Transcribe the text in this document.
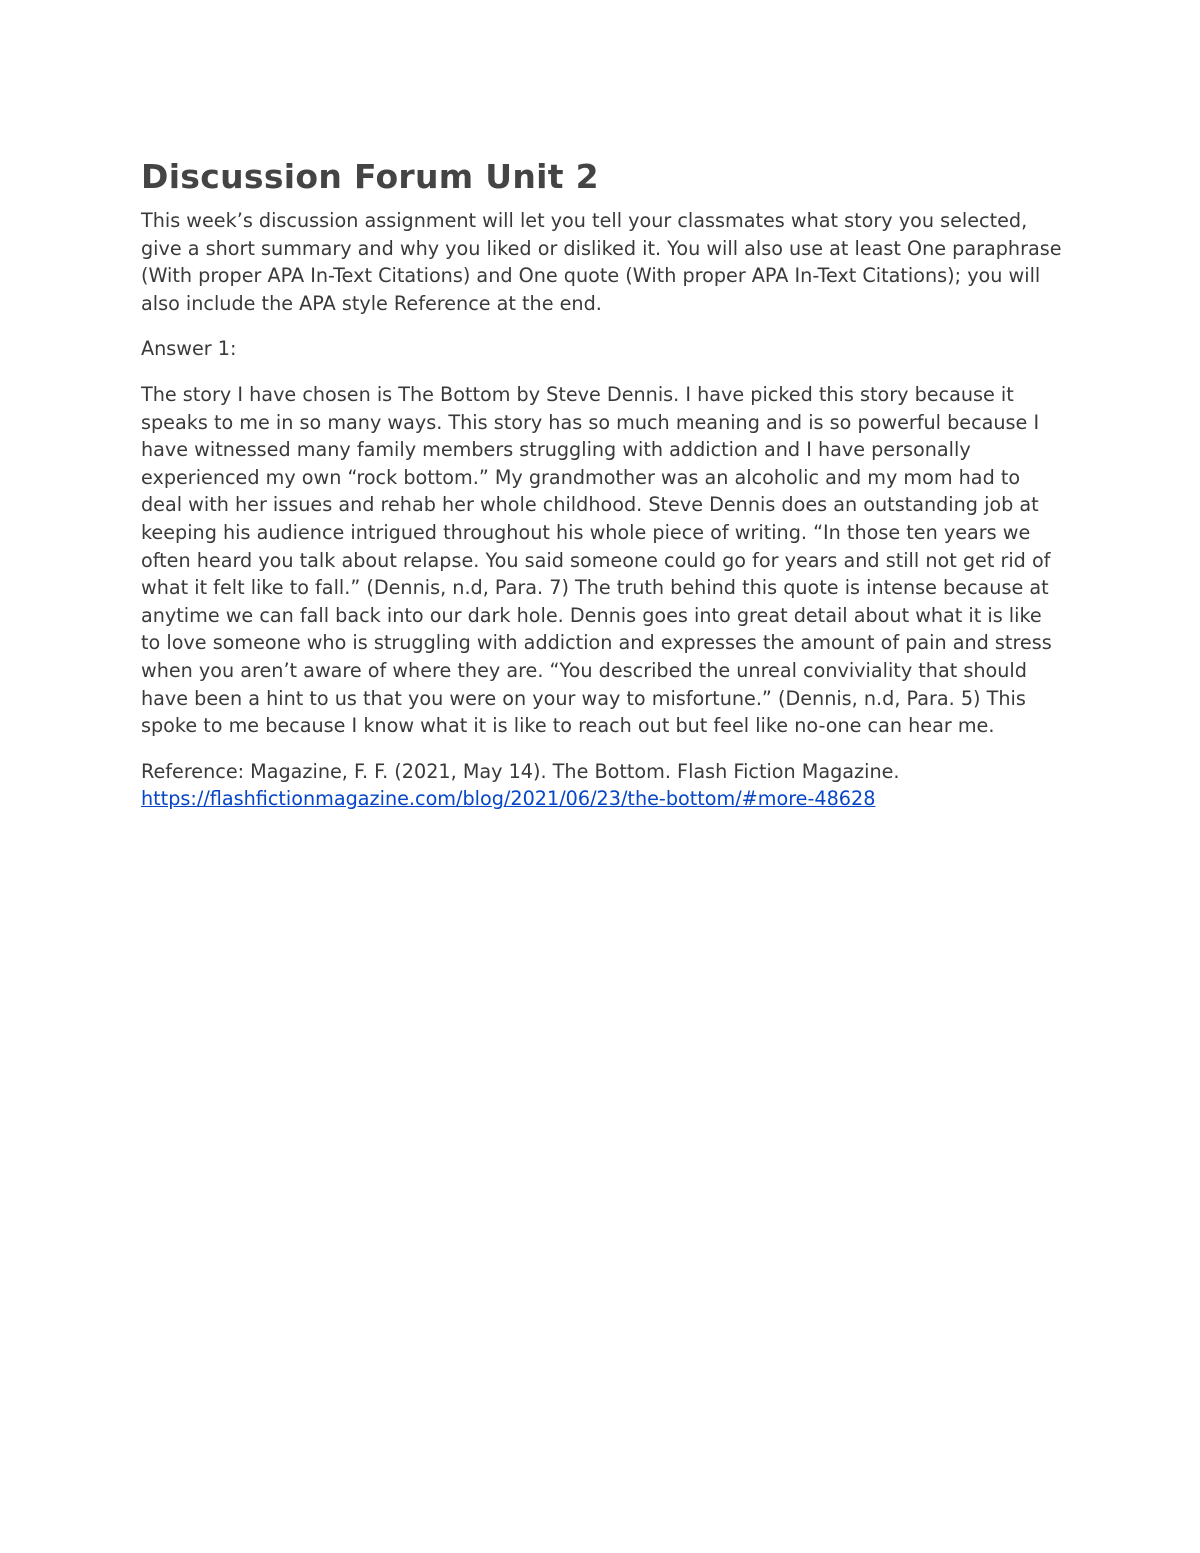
Discussion Forum Unit 2

This week’s discussion assignment will let you tell your classmates what story you selected, give a short summary and why you liked or disliked it. You will also use at least One paraphrase (With proper APA In-Text Citations) and One quote (With proper APA In-Text Citations); you will also include the APA style Reference at the end.

Answer 1:

The story I have chosen is The Bottom by Steve Dennis. I have picked this story because it speaks to me in so many ways. This story has so much meaning and is so powerful because I have witnessed many family members struggling with addiction and I have personally experienced my own “rock bottom.” My grandmother was an alcoholic and my mom had to deal with her issues and rehab her whole childhood. Steve Dennis does an outstanding job at keeping his audience intrigued throughout his whole piece of writing. “In those ten years we often heard you talk about relapse. You said someone could go for years and still not get rid of what it felt like to fall.” (Dennis, n.d, Para. 7) The truth behind this quote is intense because at anytime we can fall back into our dark hole. Dennis goes into great detail about what it is like to love someone who is struggling with addiction and expresses the amount of pain and stress when you aren’t aware of where they are. “You described the unreal conviviality that should have been a hint to us that you were on your way to misfortune.” (Dennis, n.d, Para. 5) This spoke to me because I know what it is like to reach out but feel like no-one can hear me.

Reference: Magazine, F. F. (2021, May 14). The Bottom. Flash Fiction Magazine.
https://flashfictionmagazine.com/blog/2021/06/23/the-bottom/#more-48628
